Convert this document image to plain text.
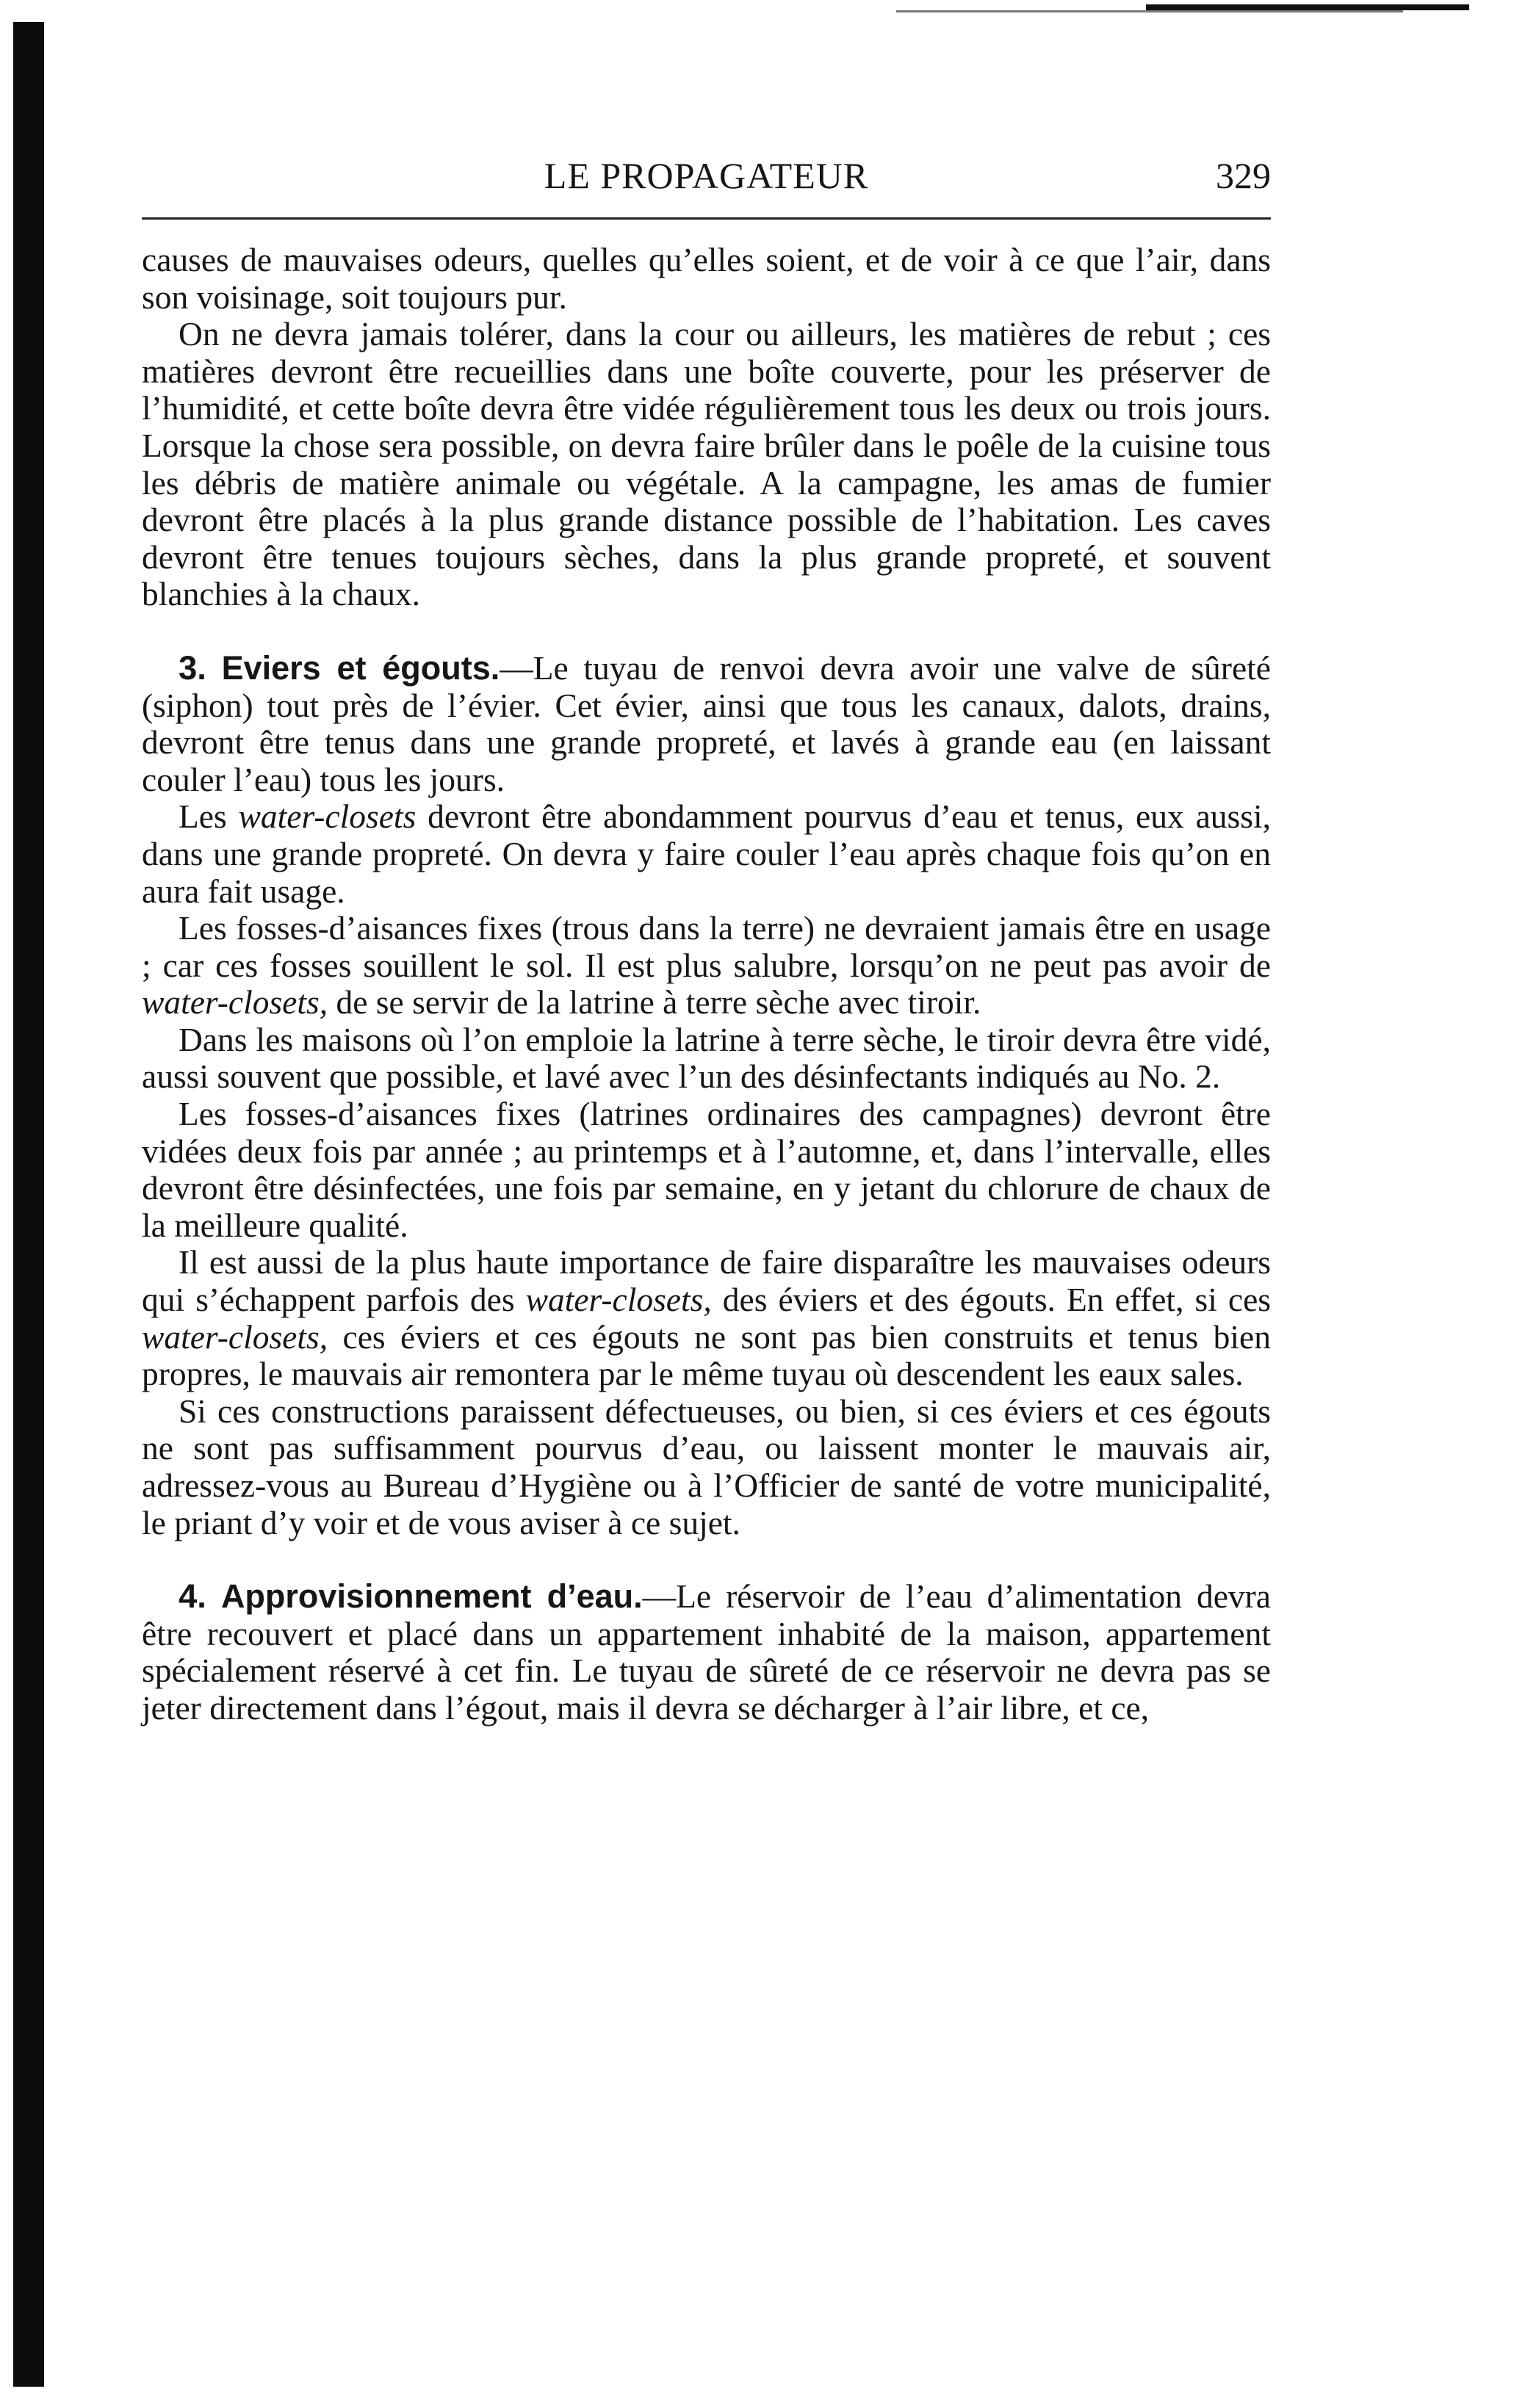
LE PROPAGATEUR	329

causes de mauvaises odeurs, quelles qu’elles soient, et de voir à ce que l’air, dans son voisinage, soit toujours pur.

On ne devra jamais tolérer, dans la cour ou ailleurs, les matières de rebut ; ces matières devront être recueillies dans une boîte couverte, pour les préserver de l’humidité, et cette boîte devra être vidée régulièrement tous les deux ou trois jours. Lorsque la chose sera possible, on devra faire brûler dans le poêle de la cuisine tous les débris de matière animale ou végétale. A la campagne, les amas de fumier devront être placés à la plus grande distance possible de l’habitation. Les caves devront être tenues toujours sèches, dans la plus grande propreté, et souvent blanchies à la chaux.

3. Eviers et égouts.—Le tuyau de renvoi devra avoir une valve de sûreté (siphon) tout près de l’évier. Cet évier, ainsi que tous les canaux, dalots, drains, devront être tenus dans une grande propreté, et lavés à grande eau (en laissant couler l’eau) tous les jours.

Les water-closets devront être abondamment pourvus d’eau et tenus, eux aussi, dans une grande propreté. On devra y faire couler l’eau après chaque fois qu’on en aura fait usage.

Les fosses-d’aisances fixes (trous dans la terre) ne devraient jamais être en usage ; car ces fosses souillent le sol. Il est plus salubre, lorsqu’on ne peut pas avoir de water-closets, de se servir de la latrine à terre sèche avec tiroir.

Dans les maisons où l’on emploie la latrine à terre sèche, le tiroir devra être vidé, aussi souvent que possible, et lavé avec l’un des désinfectants indiqués au No. 2.

Les fosses-d’aisances fixes (latrines ordinaires des campagnes) devront être vidées deux fois par année ; au printemps et à l’automne, et, dans l’intervalle, elles devront être désinfectées, une fois par semaine, en y jetant du chlorure de chaux de la meilleure qualité.

Il est aussi de la plus haute importance de faire disparaître les mauvaises odeurs qui s’échappent parfois des water-closets, des éviers et des égouts. En effet, si ces water-closets, ces éviers et ces égouts ne sont pas bien construits et tenus bien propres, le mauvais air remontera par le même tuyau où descendent les eaux sales.

Si ces constructions paraissent défectueuses, ou bien, si ces éviers et ces égouts ne sont pas suffisamment pourvus d’eau, ou laissent monter le mauvais air, adressez-vous au Bureau d’Hygiène ou à l’Officier de santé de votre municipalité, le priant d’y voir et de vous aviser à ce sujet.

4. Approvisionnement d’eau.—Le réservoir de l’eau d’alimentation devra être recouvert et placé dans un appartement inhabité de la maison, appartement spécialement réservé à cet fin. Le tuyau de sûreté de ce réservoir ne devra pas se jeter directement dans l’égout, mais il devra se décharger à l’air libre, et ce,
